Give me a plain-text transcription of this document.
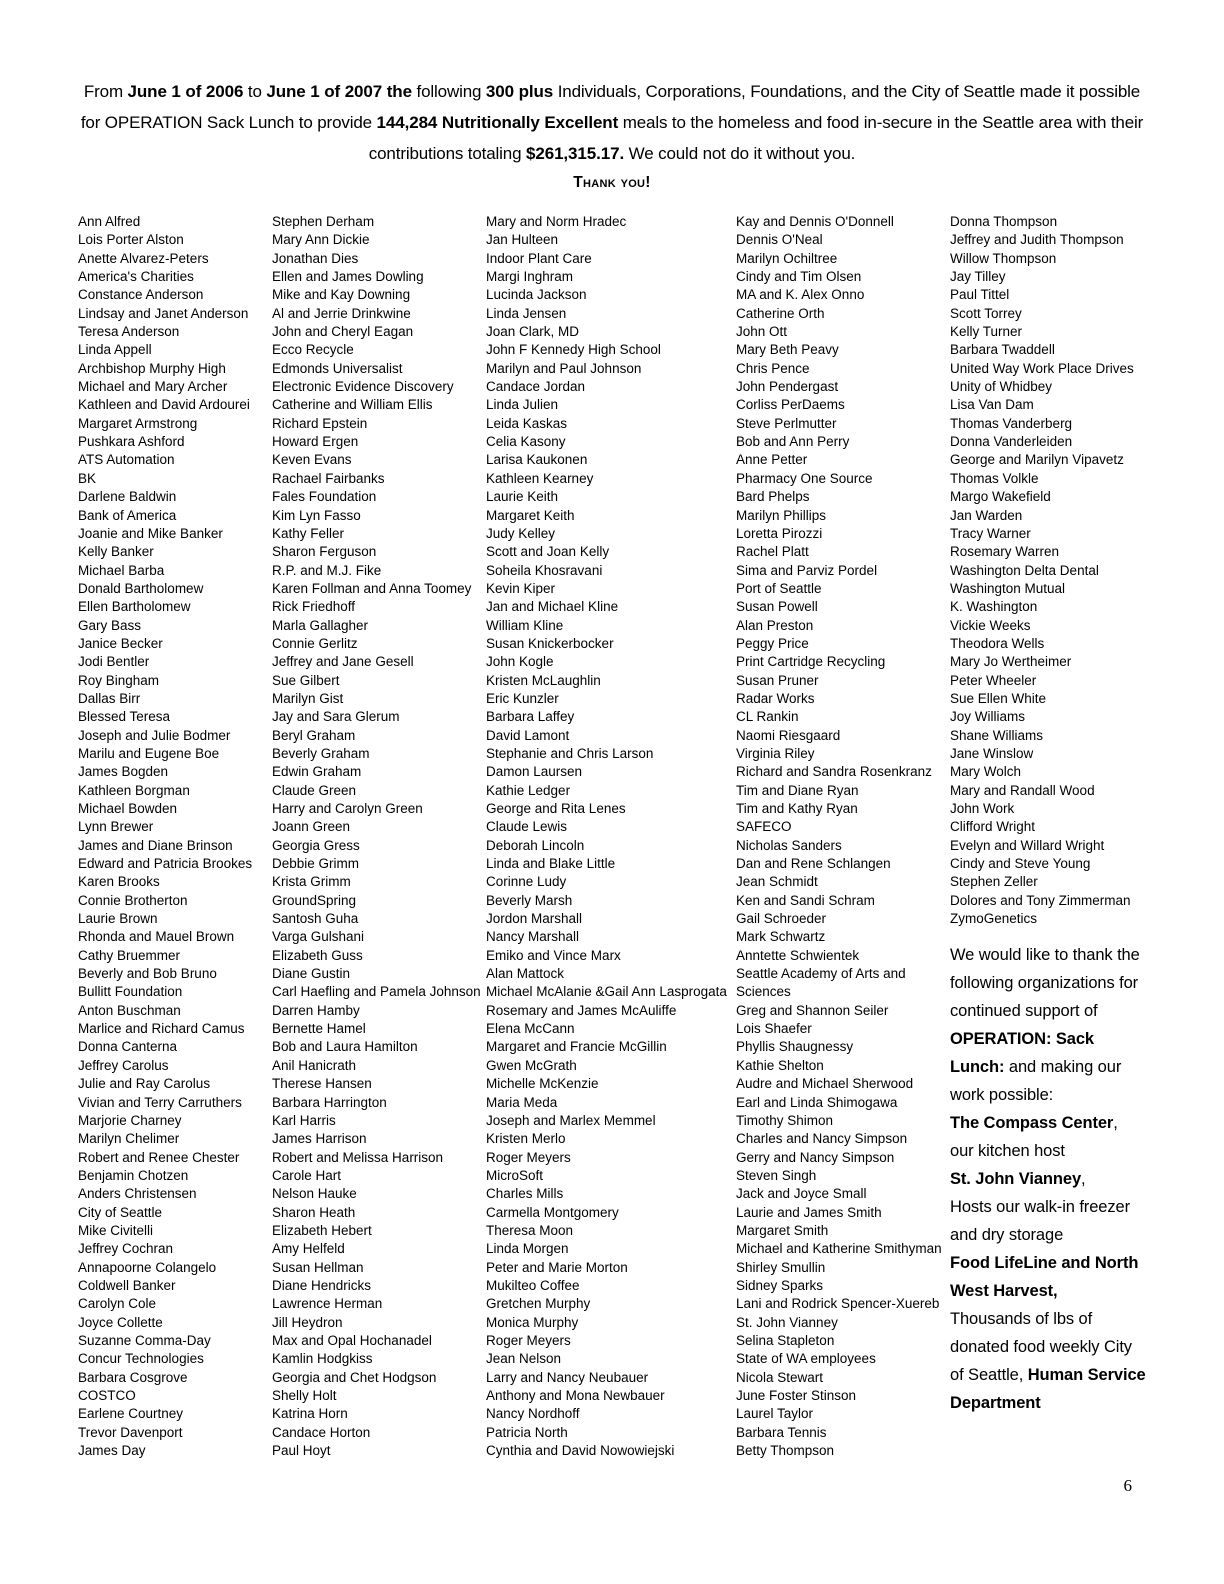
From June 1 of 2006 to June 1 of 2007 the following 300 plus Individuals, Corporations, Foundations, and the City of Seattle made it possible for OPERATION Sack Lunch to provide 144,284 Nutritionally Excellent meals to the homeless and food in-secure in the Seattle area with their contributions totaling $261,315.17. We could not do it without you.

Thank you!

Ann Alfred
Lois Porter Alston
Anette Alvarez-Peters
America's Charities
Constance Anderson
Lindsay and Janet Anderson
Teresa Anderson
Linda Appell
Archbishop Murphy High
Michael and Mary Archer
Kathleen and David Ardourei
Margaret Armstrong
Pushkara Ashford
ATS Automation
BK
Darlene Baldwin
Bank of America
Joanie and Mike Banker
Kelly Banker
Michael Barba
Donald Bartholomew
Ellen Bartholomew
Gary Bass
Janice Becker
Jodi Bentler
Roy Bingham
Dallas Birr
Blessed Teresa
Joseph and Julie Bodmer
Marilu and Eugene Boe
James Bogden
Kathleen Borgman
Michael Bowden
Lynn Brewer
James and Diane Brinson
Edward and Patricia Brookes
Karen Brooks
Connie Brotherton
Laurie Brown
Rhonda and Mauel Brown
Cathy Bruemmer
Beverly and Bob Bruno
Bullitt Foundation
Anton Buschman
Marlice and Richard Camus
Donna Canterna
Jeffrey Carolus
Julie and Ray Carolus
Vivian and Terry Carruthers
Marjorie Charney
Marilyn Chelimer
Robert and Renee Chester
Benjamin Chotzen
Anders Christensen
City of Seattle
Mike Civitelli
Jeffrey Cochran
Annapoorne Colangelo
Coldwell Banker
Carolyn Cole
Joyce Collette
Suzanne Comma-Day
Concur Technologies
Barbara Cosgrove
COSTCO
Earlene Courtney
Trevor Davenport
James Day
Stephen Derham
Mary Ann Dickie
Jonathan Dies
Ellen and James Dowling
Mike and Kay Downing
Al and Jerrie Drinkwine
John and Cheryl Eagan
Ecco Recycle
Edmonds Universalist
Electronic Evidence Discovery
Catherine and William Ellis
Richard Epstein
Howard Ergen
Keven Evans
Rachael Fairbanks
Fales Foundation
Kim Lyn Fasso
Kathy Feller
Sharon Ferguson
R.P. and M.J. Fike
Karen Follman and Anna Toomey
Rick Friedhoff
Marla Gallagher
Connie Gerlitz
Jeffrey and Jane Gesell
Sue Gilbert
Marilyn Gist
Jay and Sara Glerum
Beryl Graham
Beverly Graham
Edwin Graham
Claude Green
Harry and Carolyn Green
Joann Green
Georgia Gress
Debbie Grimm
Krista Grimm
GroundSpring
Santosh Guha
Varga Gulshani
Elizabeth Guss
Diane Gustin
Carl Haefling and Pamela Johnson
Darren Hamby
Bernette Hamel
Bob and Laura Hamilton
Anil Hanicrath
Therese Hansen
Barbara Harrington
Karl Harris
James Harrison
Robert and Melissa Harrison
Carole Hart
Nelson Hauke
Sharon Heath
Elizabeth Hebert
Amy Helfeld
Susan Hellman
Diane Hendricks
Lawrence Herman
Jill Heydron
Max and Opal Hochanadel
Kamlin Hodgkiss
Georgia and Chet Hodgson
Shelly Holt
Katrina Horn
Candace Horton
Paul Hoyt
Mary and Norm Hradec
Jan Hulteen
Indoor Plant Care
Margi Inghram
Lucinda Jackson
Linda Jensen
Joan Clark, MD
John F Kennedy High School
Marilyn and Paul Johnson
Candace Jordan
Linda Julien
Leida Kaskas
Celia Kasony
Larisa Kaukonen
Kathleen Kearney
Laurie Keith
Margaret Keith
Judy Kelley
Scott and Joan Kelly
Soheila Khosravani
Kevin Kiper
Jan and Michael Kline
William Kline
Susan Knickerbocker
John Kogle
Kristen McLaughlin
Eric Kunzler
Barbara Laffey
David Lamont
Stephanie and Chris Larson
Damon Laursen
Kathie Ledger
George and Rita Lenes
Claude Lewis
Deborah Lincoln
Linda and Blake Little
Corinne Ludy
Beverly Marsh
Jordon Marshall
Nancy Marshall
Emiko and Vince Marx
Alan Mattock
Michael McAlanie &Gail Ann Lasprogata
Rosemary and James McAuliffe
Elena McCann
Margaret and Francie McGillin
Gwen McGrath
Michelle McKenzie
Maria Meda
Joseph and Marlex Memmel
Kristen Merlo
Roger Meyers
MicroSoft
Charles Mills
Carmella Montgomery
Theresa Moon
Linda Morgen
Peter and Marie Morton
Mukilteo Coffee
Gretchen Murphy
Monica Murphy
Roger Meyers
Jean Nelson
Larry and Nancy Neubauer
Anthony and Mona Newbauer
Nancy Nordhoff
Patricia North
Cynthia and David Nowowiejski
Kay and Dennis O'Donnell
Dennis O'Neal
Marilyn Ochiltree
Cindy and Tim Olsen
MA and K. Alex Onno
Catherine Orth
John Ott
Mary Beth Peavy
Chris Pence
John Pendergast
Corliss PerDaems
Steve Perlmutter
Bob and Ann Perry
Anne Petter
Pharmacy One Source
Bard Phelps
Marilyn Phillips
Loretta Pirozzi
Rachel Platt
Sima and Parviz Pordel
Port of Seattle
Susan Powell
Alan Preston
Peggy Price
Print Cartridge Recycling
Susan Pruner
Radar Works
CL Rankin
Naomi Riesgaard
Virginia Riley
Richard and Sandra Rosenkranz
Tim and Diane Ryan
Tim and Kathy Ryan
SAFECO
Nicholas Sanders
Dan and Rene Schlangen
Jean Schmidt
Ken and Sandi Schram
Gail Schroeder
Mark Schwartz
Anntette Schwientek
Seattle Academy of Arts and
Sciences
Greg and Shannon Seiler
Lois Shaefer
Phyllis Shaugnessy
Kathie Shelton
Audre and Michael Sherwood
Earl and Linda Shimogawa
Timothy Shimon
Charles and Nancy Simpson
Gerry and Nancy Simpson
Steven Singh
Jack and Joyce Small
Laurie and James Smith
Margaret Smith
Michael and Katherine Smithyman
Shirley Smullin
Sidney Sparks
Lani and Rodrick Spencer-Xuereb
St. John Vianney
Selina Stapleton
State of WA employees
Nicola Stewart
June Foster Stinson
Laurel Taylor
Barbara Tennis
Betty Thompson
Donna Thompson
Jeffrey and Judith Thompson
Willow Thompson
Jay Tilley
Paul Tittel
Scott Torrey
Kelly Turner
Barbara Twaddell
United Way Work Place Drives
Unity of Whidbey
Lisa Van Dam
Thomas Vanderberg
Donna Vanderleiden
George and Marilyn Vipavetz
Thomas Volkle
Margo Wakefield
Jan Warden
Tracy Warner
Rosemary Warren
Washington Delta Dental
Washington Mutual
K. Washington
Vickie Weeks
Theodora Wells
Mary Jo Wertheimer
Peter Wheeler
Sue Ellen White
Joy Williams
Shane Williams
Jane Winslow
Mary Wolch
Mary and Randall Wood
John Work
Clifford Wright
Evelyn and Willard Wright
Cindy and Steve Young
Stephen Zeller
Dolores and Tony Zimmerman
ZymoGenetics

We would like to thank the following organizations for continued support of OPERATION: Sack Lunch: and making our work possible:
The Compass Center,
our kitchen host
St. John Vianney,
Hosts our walk-in freezer and dry storage
Food LifeLine and North West Harvest,
Thousands of lbs of donated food weekly City of Seattle, Human Service Department

6
